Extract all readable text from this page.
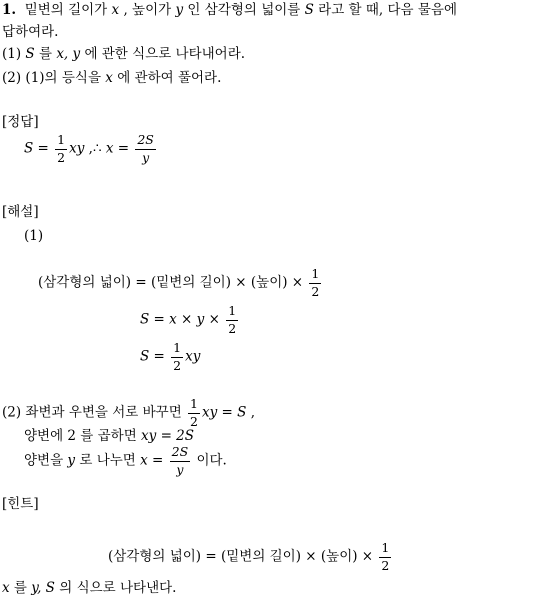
1. 밑변의 길이가 x , 높이가 y 인 삼각형의 넓이를 S 라고 할 때, 다음 물음에
답하여라.
(1) S 를 x, y 에 관한 식으로 나타내어라.
(2) (1)의 등식을 x 에 관하여 풀어라.
[정답]
$S = \frac{1}{2}$ xy ,∴ $x = \frac{2S}{y}$
[해설]
(1)
(삼각형의 넓이) = (밑변의 길이) × (높이) × $\frac{1}{2}$
$S = x \times y \times \frac{1}{2}$
$S = \frac{1}{2}$ xy
(2) 좌변과 우변을 서로 바꾸면 $\frac{1}{2}$ xy = S ,
양변에 2 를 곱하면 xy = 2S
양변을 y 로 나누면 $x = \frac{2S}{y}$ 이다.
[힌트]
(삼각형의 넓이) = (밑변의 길이) × (높이) × $\frac{1}{2}$
x 를 y, S 의 식으로 나타낸다.
